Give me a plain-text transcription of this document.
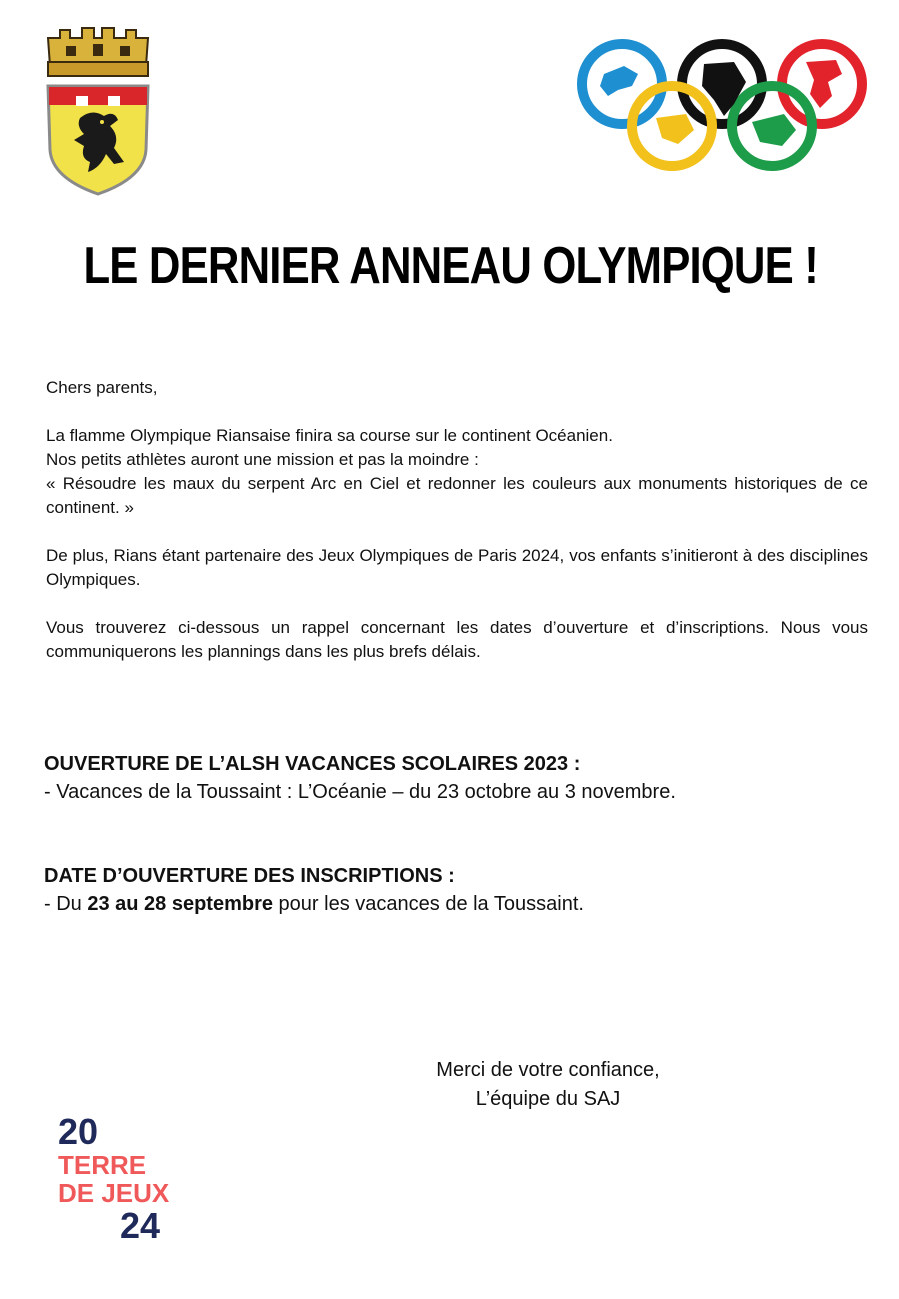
LE DERNIER ANNEAU OLYMPIQUE !

Chers parents,

La flamme Olympique Riansaise finira sa course sur le continent Océanien.

Nos petits athlètes auront une mission et pas la moindre :

« Résoudre les maux du serpent Arc en Ciel et redonner les couleurs aux monuments historiques de ce continent. »

De plus, Rians étant partenaire des Jeux Olympiques de Paris 2024, vos enfants s’initieront à des disciplines Olympiques.

Vous trouverez ci-dessous un rappel concernant les dates d’ouverture et d’inscriptions. Nous vous communiquerons les plannings dans les plus brefs délais.

OUVERTURE DE L’ALSH VACANCES SCOLAIRES 2023 :
- Vacances de la Toussaint : L’Océanie – du 23 octobre au 3 novembre.
DATE D’OUVERTURE DES INSCRIPTIONS :
- Du 23 au 28 septembre pour les vacances de la Toussaint.
Merci de votre confiance,
L’équipe du SAJ
20
TERRE
DE JEUX
24
